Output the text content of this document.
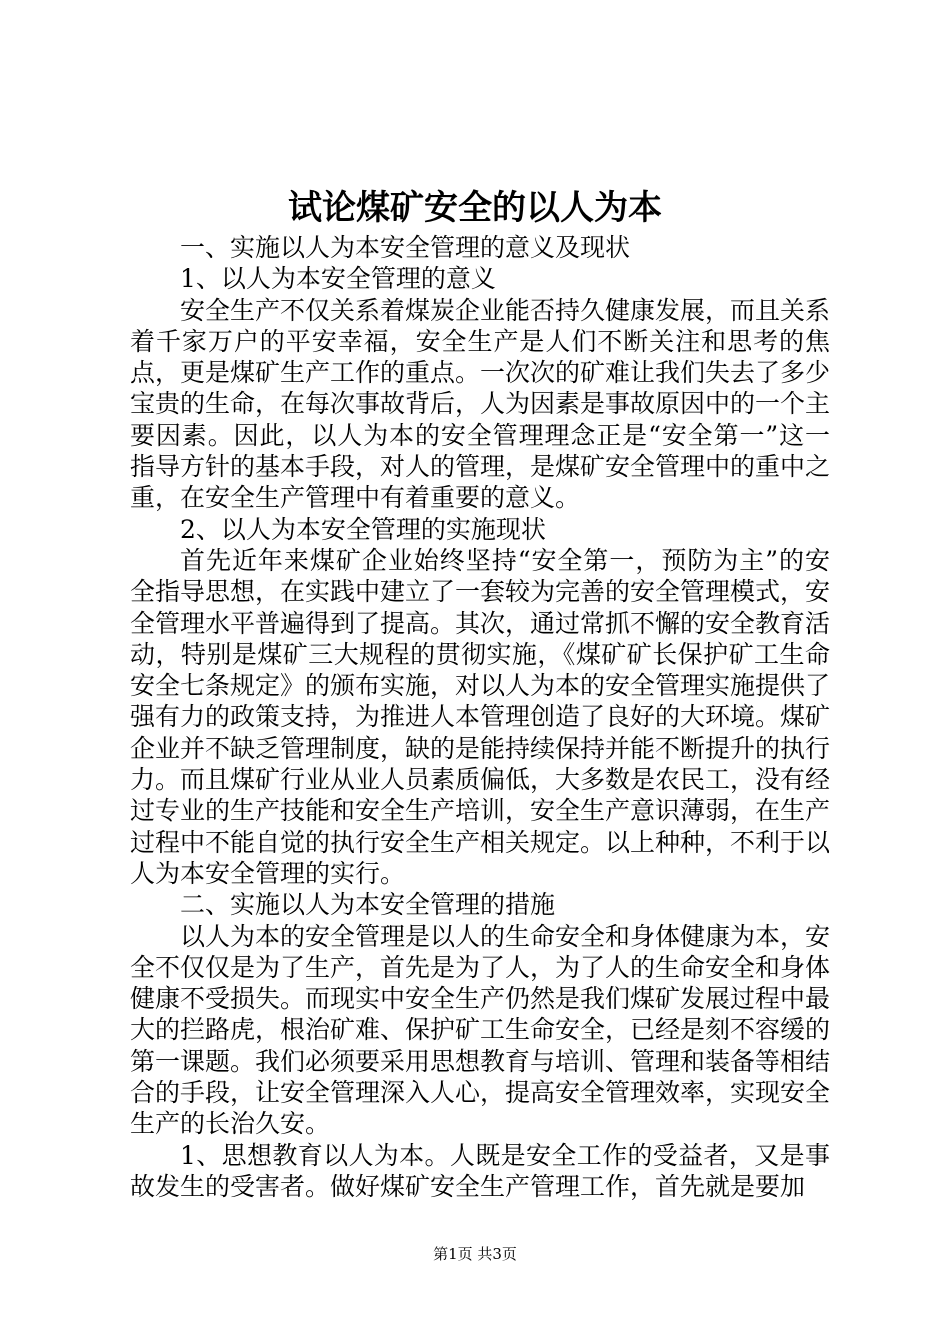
试论煤矿安全的以人为本

一、实施以人为本安全管理的意义及现状

1、以人为本安全管理的意义

安全生产不仅关系着煤炭企业能否持久健康发展，而且关系着千家万户的平安幸福，安全生产是人们不断关注和思考的焦点，更是煤矿生产工作的重点。一次次的矿难让我们失去了多少宝贵的生命，在每次事故背后，人为因素是事故原因中的一个主要因素。因此，以人为本的安全管理理念正是“安全第一”这一指导方针的基本手段，对人的管理，是煤矿安全管理中的重中之重，在安全生产管理中有着重要的意义。

2、以人为本安全管理的实施现状

首先近年来煤矿企业始终坚持“安全第一，预防为主”的安全指导思想，在实践中建立了一套较为完善的安全管理模式，安全管理水平普遍得到了提高。其次，通过常抓不懈的安全教育活动，特别是煤矿三大规程的贯彻实施，《煤矿矿长保护矿工生命安全七条规定》的颁布实施，对以人为本的安全管理实施提供了强有力的政策支持，为推进人本管理创造了良好的大环境。煤矿企业并不缺乏管理制度，缺的是能持续保持并能不断提升的执行力。而且煤矿行业从业人员素质偏低，大多数是农民工，没有经过专业的生产技能和安全生产培训，安全生产意识薄弱，在生产过程中不能自觉的执行安全生产相关规定。以上种种，不利于以人为本安全管理的实行。

二、实施以人为本安全管理的措施

以人为本的安全管理是以人的生命安全和身体健康为本，安全不仅仅是为了生产，首先是为了人，为了人的生命安全和身体健康不受损失。而现实中安全生产仍然是我们煤矿发展过程中最大的拦路虎，根治矿难、保护矿工生命安全，已经是刻不容缓的第一课题。我们必须要采用思想教育与培训、管理和装备等相结合的手段，让安全管理深入人心，提高安全管理效率，实现安全生产的长治久安。

1、思想教育以人为本。人既是安全工作的受益者，又是事故发生的受害者。做好煤矿安全生产管理工作，首先就是要加

第1页 共3页
